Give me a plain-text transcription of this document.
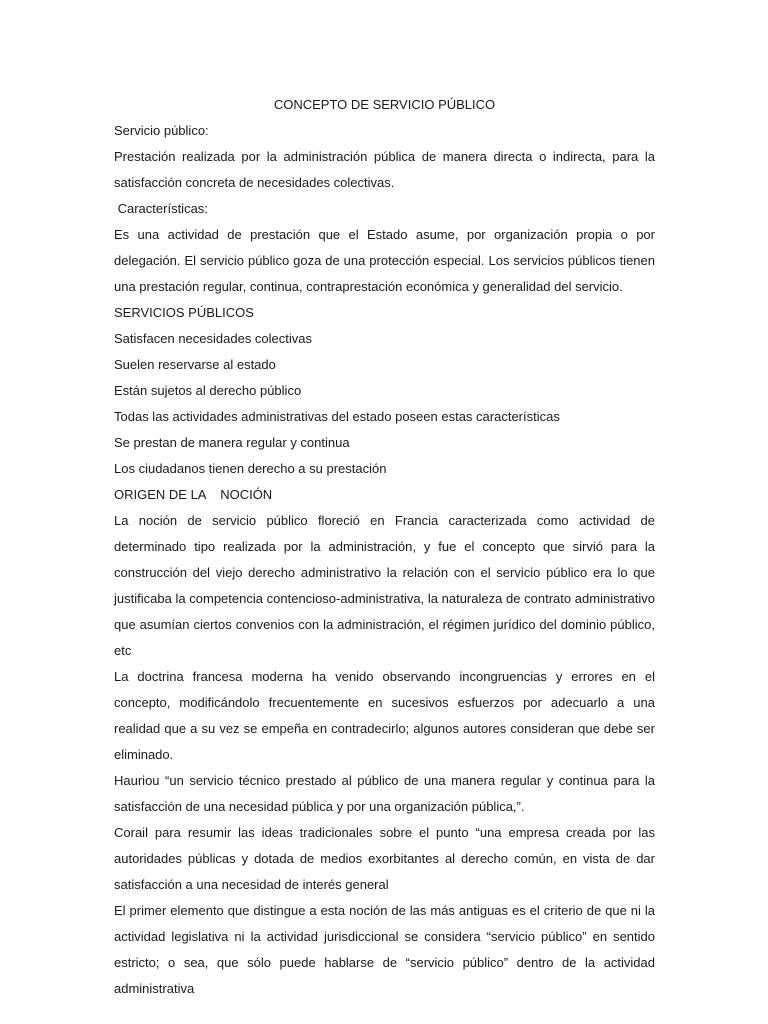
CONCEPTO DE SERVICIO PÚBLICO

Servicio público:

Prestación realizada por la administración pública de manera directa o indirecta, para la satisfacción concreta de necesidades colectivas.

Características:

Es una actividad de prestación que el Estado asume, por organización propia o por delegación. El servicio público goza de una protección especial. Los servicios públicos tienen una prestación regular, continua, contraprestación económica y generalidad del servicio.

SERVICIOS PÚBLICOS

Satisfacen necesidades colectivas
Suelen reservarse al estado
Están sujetos al derecho público
Todas las actividades administrativas del estado poseen estas características
Se prestan de manera regular y continua
Los ciudadanos tienen derecho a su prestación

ORIGEN DE LA    NOCIÓN

La noción de servicio público floreció en Francia caracterizada como actividad de determinado tipo realizada por la administración, y fue el concepto que sirvió para la construcción del viejo derecho administrativo la relación con el servicio público era lo que justificaba la competencia contencioso-administrativa, la naturaleza de contrato administrativo que asumían ciertos convenios con la administración, el régimen jurídico del dominio público, etc

La doctrina francesa moderna ha venido observando incongruencias y errores en el concepto, modificándolo frecuentemente en sucesivos esfuerzos por adecuarlo a una realidad que a su vez se empeña en contradecirlo; algunos autores consideran que debe ser eliminado.

Hauriou “un servicio técnico prestado al público de una manera regular y continua para la satisfacción de una necesidad pública y por una organización pública,”.

Corail para resumir las ideas tradicionales sobre el punto “una empresa creada por las autoridades públicas y dotada de medios exorbitantes al derecho común, en vista de dar satisfacción a una necesidad de interés general

El primer elemento que distingue a esta noción de las más antiguas es el criterio de que ni la actividad legislativa ni la actividad jurisdiccional se considera “servicio público” en sentido estricto; o sea, que sólo puede hablarse de “servicio público” dentro de la actividad administrativa
